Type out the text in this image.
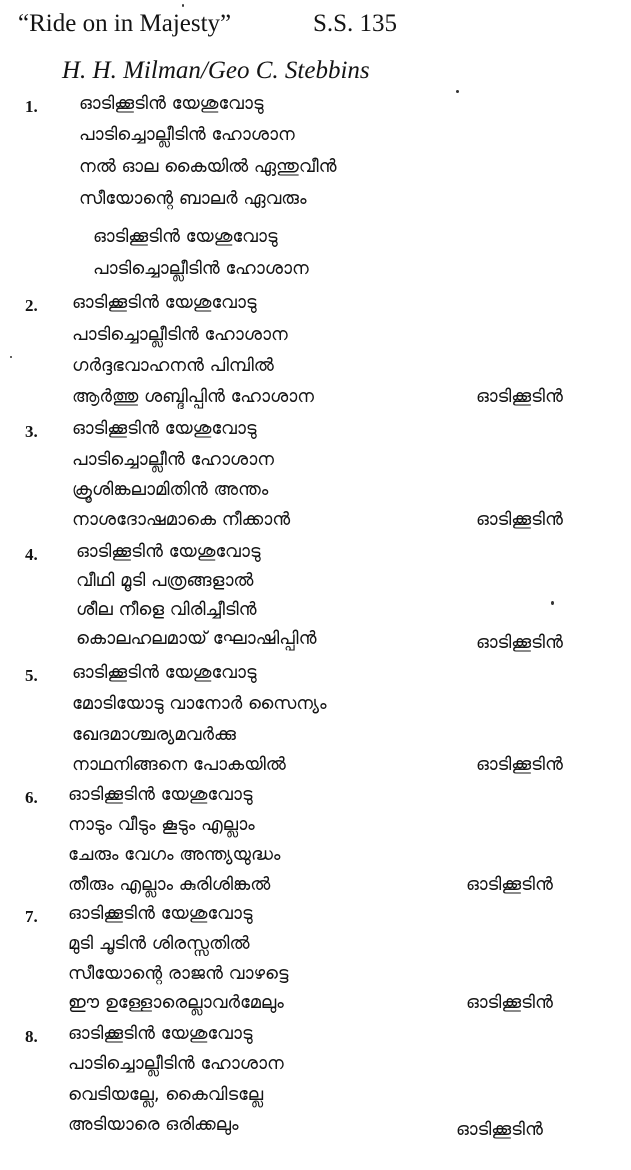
“Ride on in Majesty”	S.S. 135
H. H. Milman/Geo C. Stebbins
1. ഓടിക്കൂടിൻ യേശുവോടു
പാടിച്ചൊല്ലീടിൻ ഹോശാന
നൽ ഓല കൈയിൽ ഏന്തുവീൻ
സീയോന്റെ ബാലർ ഏവരും
ഓടിക്കൂടിൻ യേശുവോടു
പാടിച്ചൊല്ലീടിൻ ഹോശാന
2. ഓടിക്കൂടിൻ യേശുവോടു
പാടിച്ചൊല്ലീടിൻ ഹോശാന
ഗർദ്ദഭവാഹനൻ പിമ്പിൽ
ആർത്തു ശബ്ദിപ്പിൻ ഹോശാന	ഓടിക്കൂടിൻ
3. ഓടിക്കൂടിൻ യേശുവോടു
പാടിച്ചൊല്ലീൻ ഹോശാന
ക്രൂശിങ്കലാമിതിൻ അന്തം
നാശദോഷമാകെ നീക്കാൻ	ഓടിക്കൂടിൻ
4. ഓടിക്കൂടിൻ യേശുവോടു
വീഥി മൂടി പത്രങ്ങളാൽ
ശീല നീളെ വിരിച്ചീടിൻ
കൊലഹലമായ് ഘോഷിപ്പിൻ	ഓടിക്കൂടിൻ
5. ഓടിക്കൂടിൻ യേശുവോടു
മോടിയോടു വാനോർ സൈന്യം
ഖേദമാശ്ചര്യമവർക്കു
നാഥനിങ്ങനെ പോകയിൽ	ഓടിക്കൂടിൻ
6. ഓടിക്കൂടിൻ യേശുവോടു
നാടും വീടും കൂടും എല്ലാം
ചേരും വേഗം അന്ത്യയുദ്ധം
തീരും എല്ലാം കുരിശിങ്കൽ	ഓടിക്കൂടിൻ
7. ഓടിക്കൂടിൻ യേശുവോടു
മുടി ചൂടിൻ ശിരസ്സതിൽ
സീയോന്റെ രാജൻ വാഴട്ടെ
ഈ ഉള്ളോരെല്ലാവർമേലും	ഓടിക്കൂടിൻ
8. ഓടിക്കൂടിൻ യേശുവോടു
പാടിച്ചൊല്ലീടിൻ ഹോശാന
വെടിയല്ലേ, കൈവിടല്ലേ
അടിയാരെ ഒരിക്കലും	ഓടിക്കൂടിൻ
